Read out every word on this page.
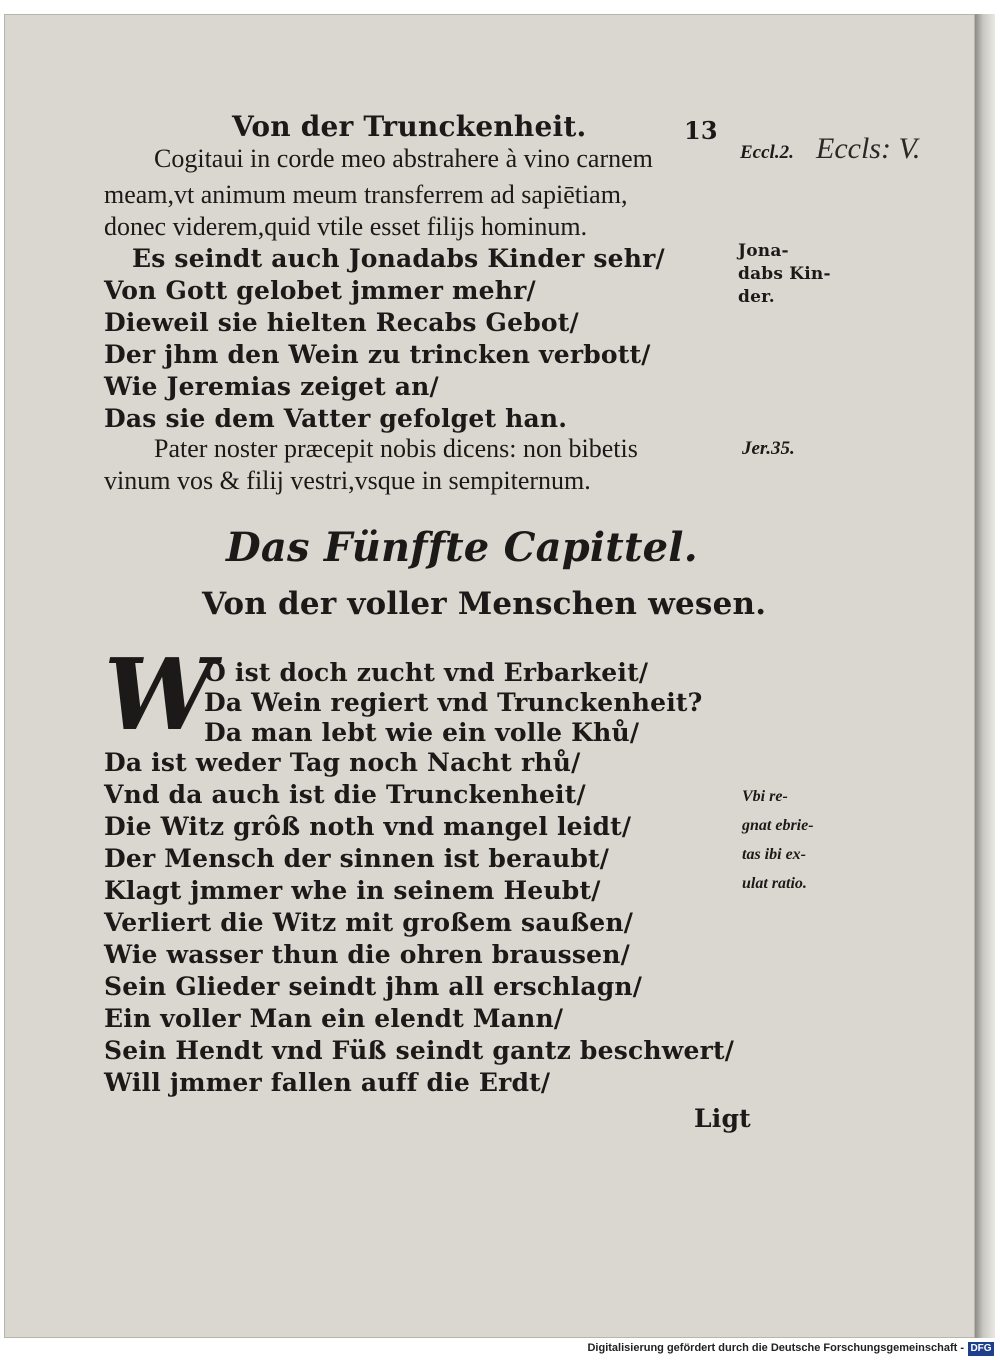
Von der Trunckenheit.	13
Cogitaui in corde meo abstrahere à vino carnem
meam,vt animum meum transferrem ad sapiētiam,
donec viderem,quid vtile esset filijs hominum.
Es seindt auch Jonadabs Kinder sehr/
Von Gott gelobet jmmer mehr/
Dieweil sie hielten Recabs Gebot/
Der jhm den Wein zu trincken verbott/
Wie Jeremias zeiget an/
Das sie dem Vatter gefolget han.
Pater noster præcepit nobis dicens: non bibetis
vinum vos & filij vestri,vsque in sempiternum.
Das Fünffte Capittel.
Von der voller Menschen wesen.
W
O ist doch zucht vnd Erbarkeit/
Da Wein regiert vnd Trunckenheit?
Da man lebt wie ein volle Khů/
Da ist weder Tag noch Nacht rhů/
Vnd da auch ist die Trunckenheit/
Die Witz grôß noth vnd mangel leidt/
Der Mensch der sinnen ist beraubt/
Klagt jmmer whe in seinem Heubt/
Verliert die Witz mit großem saußen/
Wie wasser thun die ohren braussen/
Sein Glieder seindt jhm all erschlagn/
Ein voller Man ein elendt Mann/
Sein Hendt vnd Füß seindt gantz beschwert/
Will jmmer fallen auff die Erdt/
Eccl.2. Eccls: V.
Jona-
dabs Kin-
der.
Jer.35.
Vbi re-
gnat ebrie-
tas ibi ex-
ulat ratio.
Ligt
Digitalisierung gefördert durch die Deutsche Forschungsgemeinschaft - DFG
